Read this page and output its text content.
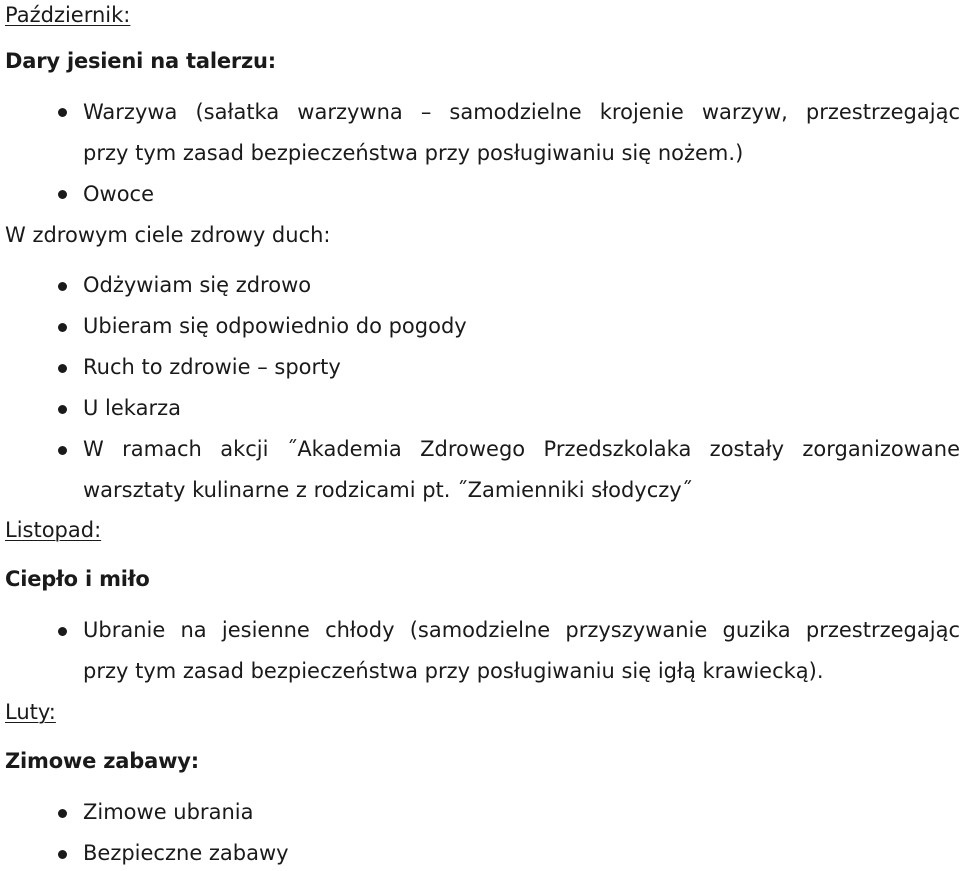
Październik:
Dary jesieni na talerzu:
Warzywa (sałatka warzywna – samodzielne krojenie warzyw, przestrzegając
przy tym zasad bezpieczeństwa przy posługiwaniu się nożem.)
Owoce
W zdrowym ciele zdrowy duch:
Odżywiam się zdrowo
Ubieram się odpowiednio do pogody
Ruch to zdrowie – sporty
U lekarza
W ramach akcji ˝Akademia Zdrowego Przedszkolaka zostały zorganizowane
warsztaty kulinarne z rodzicami pt. ˝Zamienniki słodyczy˝
Listopad:
Ciepło i miło
Ubranie na jesienne chłody (samodzielne przyszywanie guzika przestrzegając
przy tym zasad bezpieczeństwa przy posługiwaniu się igłą krawiecką).
Luty:
Zimowe zabawy:
Zimowe ubrania
Bezpieczne zabawy
